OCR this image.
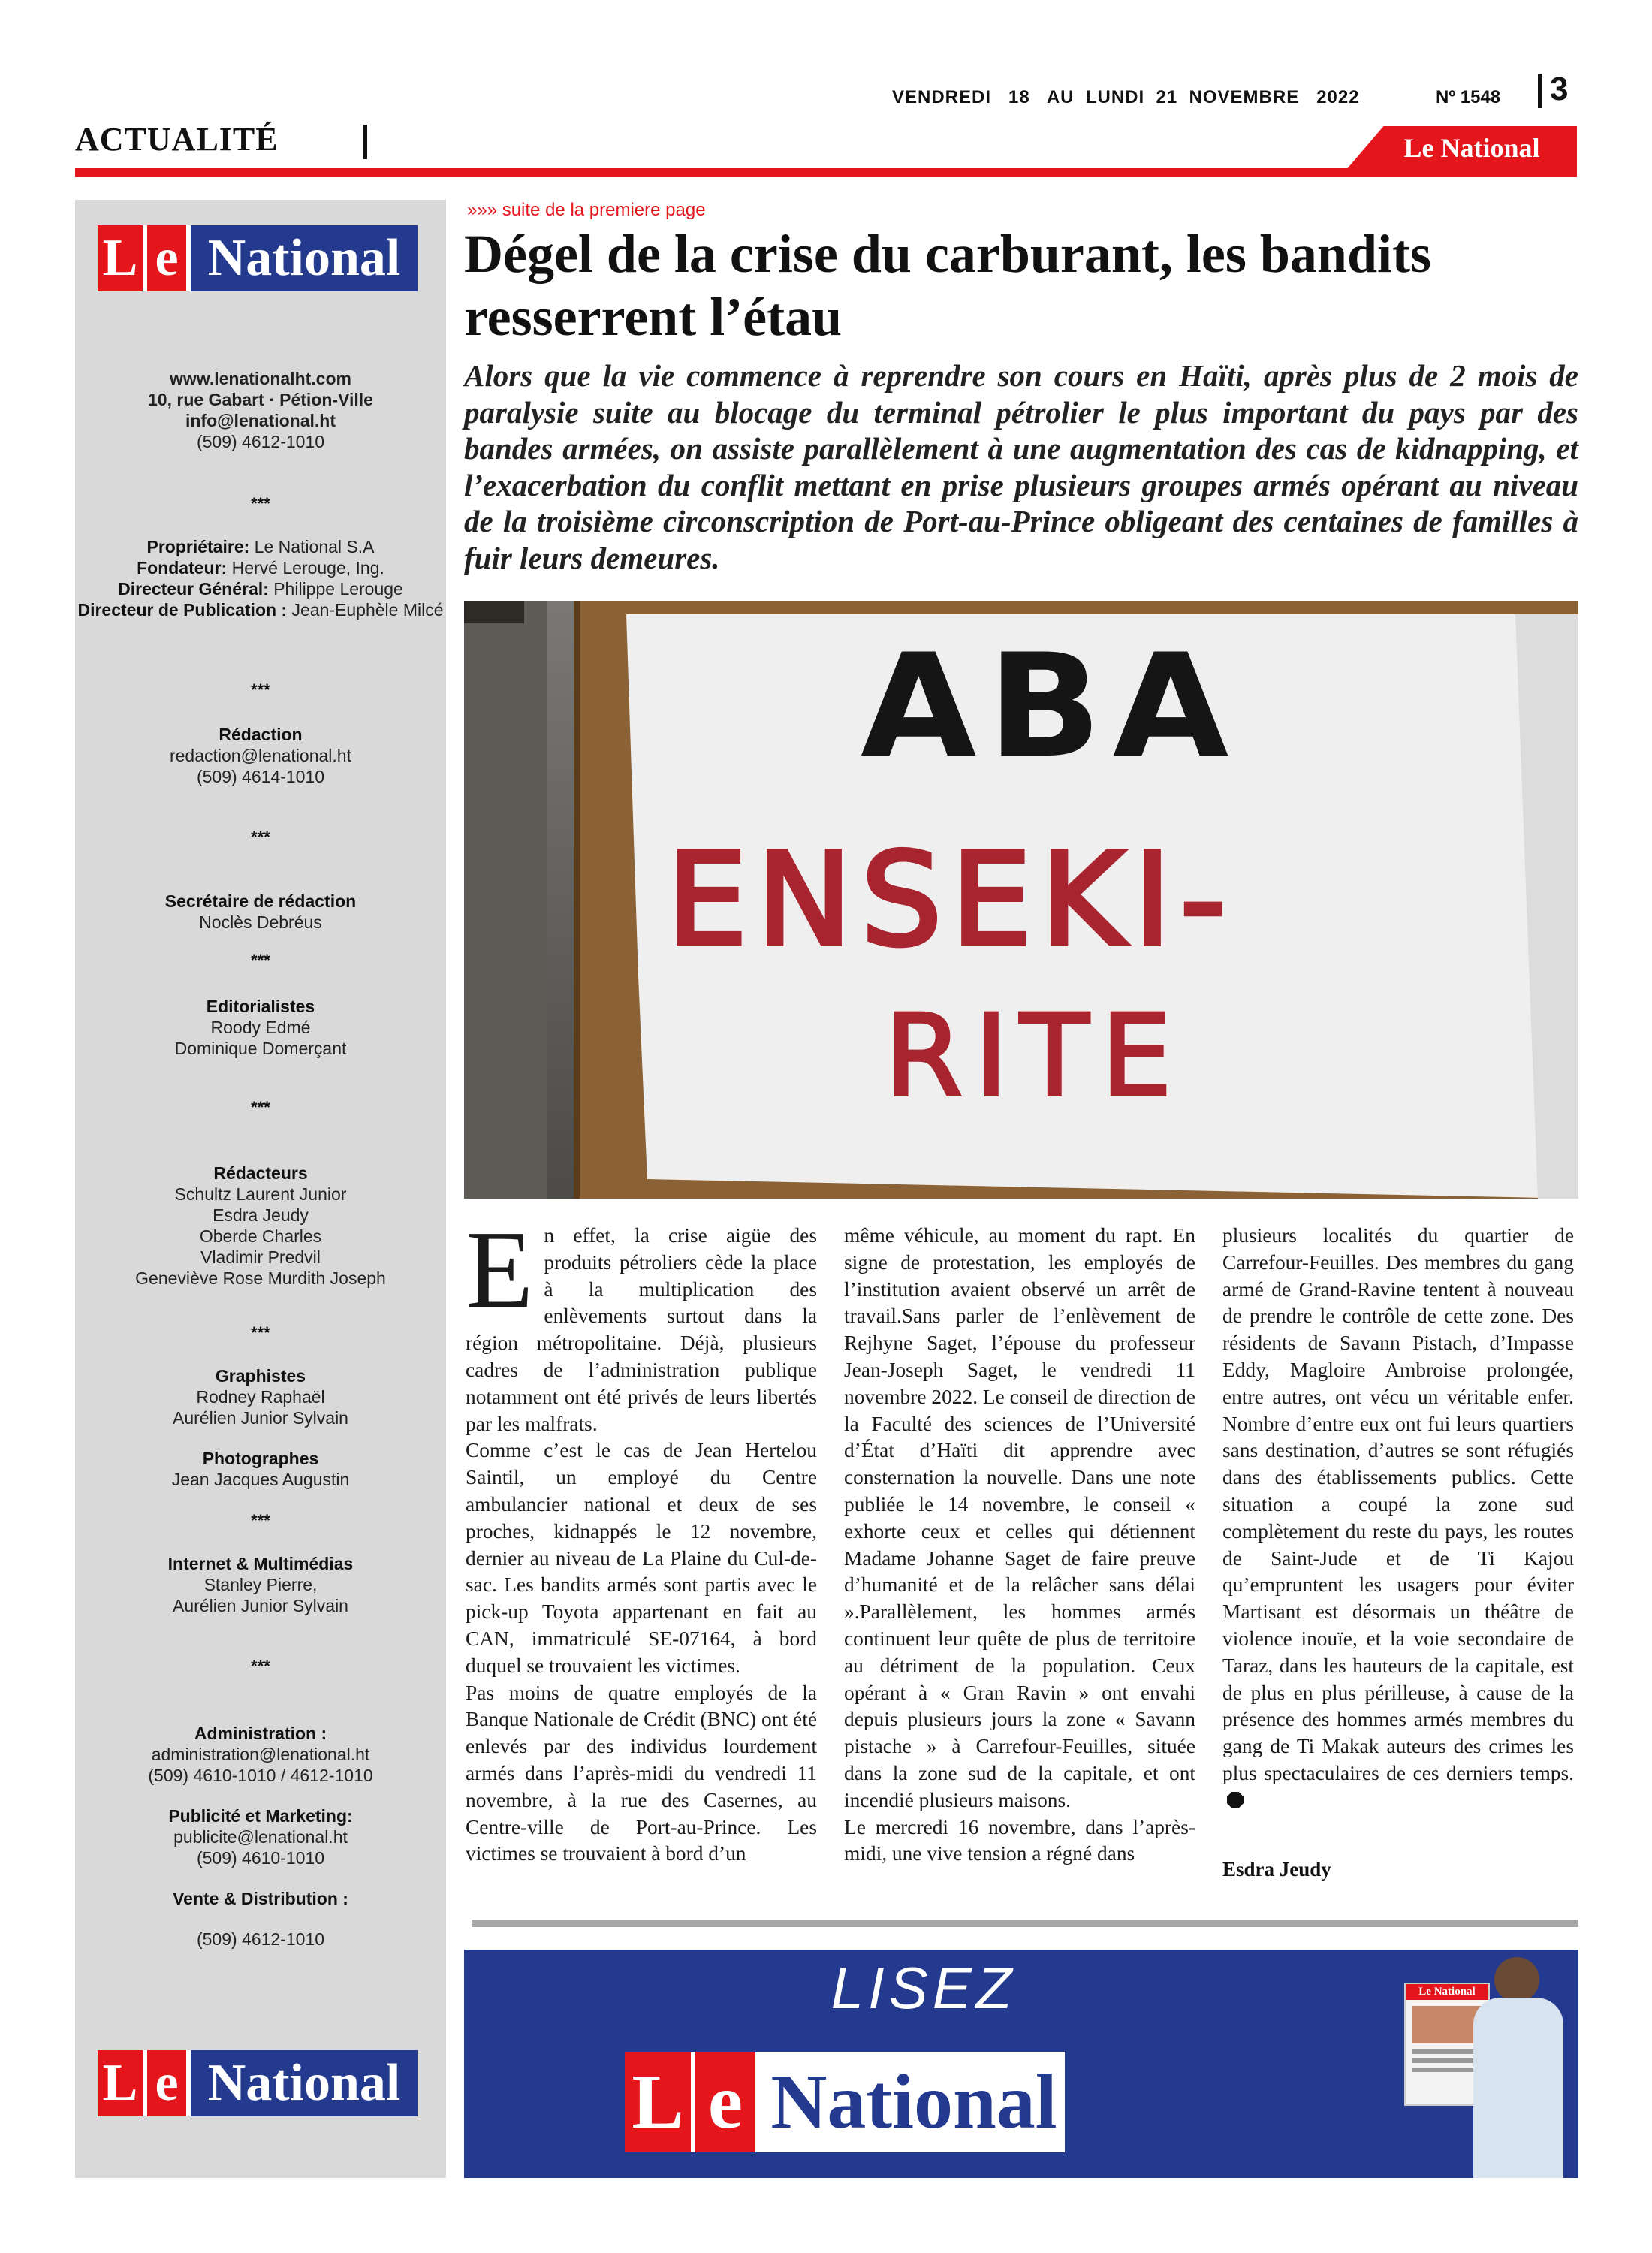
ACTUALITÉ
VENDREDI   18   AU  LUNDI  21  NOVEMBRE   2022	Nº 1548 3
Le National
L e National
www.lenationalht.com
10, rue Gabart · Pétion-Ville
info@lenational.ht
(509) 4612-1010
***
Propriétaire: Le National S.A
Fondateur: Hervé Lerouge, Ing.
Directeur Général: Philippe Lerouge
Directeur de Publication : Jean-Euphèle Milcé
***
Rédaction
redaction@lenational.ht
(509) 4614-1010
***
Secrétaire de rédaction
Noclès Debréus
***
Editorialistes
Roody Edmé
Dominique Domerçant
***
Rédacteurs
Schultz Laurent Junior
Esdra Jeudy
Oberde Charles
Vladimir Predvil
Geneviève Rose Murdith Joseph
***
Graphistes
Rodney Raphaël
Aurélien Junior Sylvain
Photographes
Jean Jacques Augustin
***
Internet & Multimédias
Stanley Pierre,
Aurélien Junior Sylvain
***
Administration :
administration@lenational.ht
(509) 4610-1010 / 4612-1010
Publicité et Marketing:
publicite@lenational.ht
(509) 4610-1010
Vente & Distribution :
(509) 4612-1010
L e National
»»» suite de la premiere page
Dégel de la crise du carburant, les bandits resserrent l’étau
Alors que la vie commence à reprendre son cours en Haïti, après plus de 2 mois de paralysie suite au blocage du terminal pétrolier le plus important du pays par des bandes armées, on assiste parallèlement à une augmentation des cas de kidnapping, et l’exacerbation du conflit mettant en prise plusieurs groupes armés opérant au niveau de la troisième circonscription de Port-au-Prince obligeant des centaines de familles à fuir leurs demeures.
ABA
ENSEKI-
RITE

En effet, la crise aigüe des produits pétroliers cède la place à la multiplication des enlèvements surtout dans la région métropolitaine. Déjà, plusieurs cadres de l’administration publique notamment ont été privés de leurs libertés par les malfrats.

Comme c’est le cas de Jean Hertelou Saintil, un employé du Centre ambulancier national et deux de ses proches, kidnappés le 12 novembre, dernier au niveau de La Plaine du Cul-de-sac. Les bandits armés sont partis avec le pick-up Toyota appartenant en fait au CAN, immatriculé SE-07164, à bord duquel se trouvaient les victimes.

Pas moins de quatre employés de la Banque Nationale de Crédit (BNC) ont été enlevés par des individus lourdement armés dans l’après-midi du vendredi 11 novembre, à la rue des Casernes, au Centre-ville de Port-au-Prince. Les victimes se trouvaient à bord d’un

même véhicule, au moment du rapt. En signe de protestation, les employés de l’institution avaient observé un arrêt de travail.Sans parler de l’enlèvement de Rejhyne Saget, l’épouse du professeur Jean-Joseph Saget, le vendredi 11 novembre 2022. Le conseil de direction de la Faculté des sciences de l’Université d’État d’Haïti dit apprendre avec consternation la nouvelle. Dans une note publiée le 14 novembre, le conseil « exhorte ceux et celles qui détiennent Madame Johanne Saget de faire preuve d’humanité et de la relâcher sans délai ».Parallèlement, les hommes armés continuent leur quête de plus de territoire au détriment de la population. Ceux opérant à « Gran Ravin » ont envahi depuis plusieurs jours la zone « Savann pistache » à Carrefour-Feuilles, située dans la zone sud de la capitale, et ont incendié plusieurs maisons.

Le mercredi 16 novembre, dans l’après-midi, une vive tension a régné dans

plusieurs localités du quartier de Carrefour-Feuilles. Des membres du gang armé de Grand-Ravine tentent à nouveau de prendre le contrôle de cette zone. Des résidents de Savann Pistach, d’Impasse Eddy, Magloire Ambroise prolongée, entre autres, ont vécu un véritable enfer. Nombre d’entre eux ont fui leurs quartiers sans destination, d’autres se sont réfugiés dans des établissements publics. Cette situation a coupé la zone sud complètement du reste du pays, les routes de Saint-Jude et de Ti Kajou qu’empruntent les usagers pour éviter Martisant est désormais un théâtre de violence inouïe, et la voie secondaire de Taraz, dans les hauteurs de la capitale, est de plus en plus périlleuse, à cause de la présence des hommes armés membres du gang de Ti Makak auteurs des crimes les plus spectaculaires de ces derniers temps.

Esdra Jeudy
LISEZ
L e National
Le National
